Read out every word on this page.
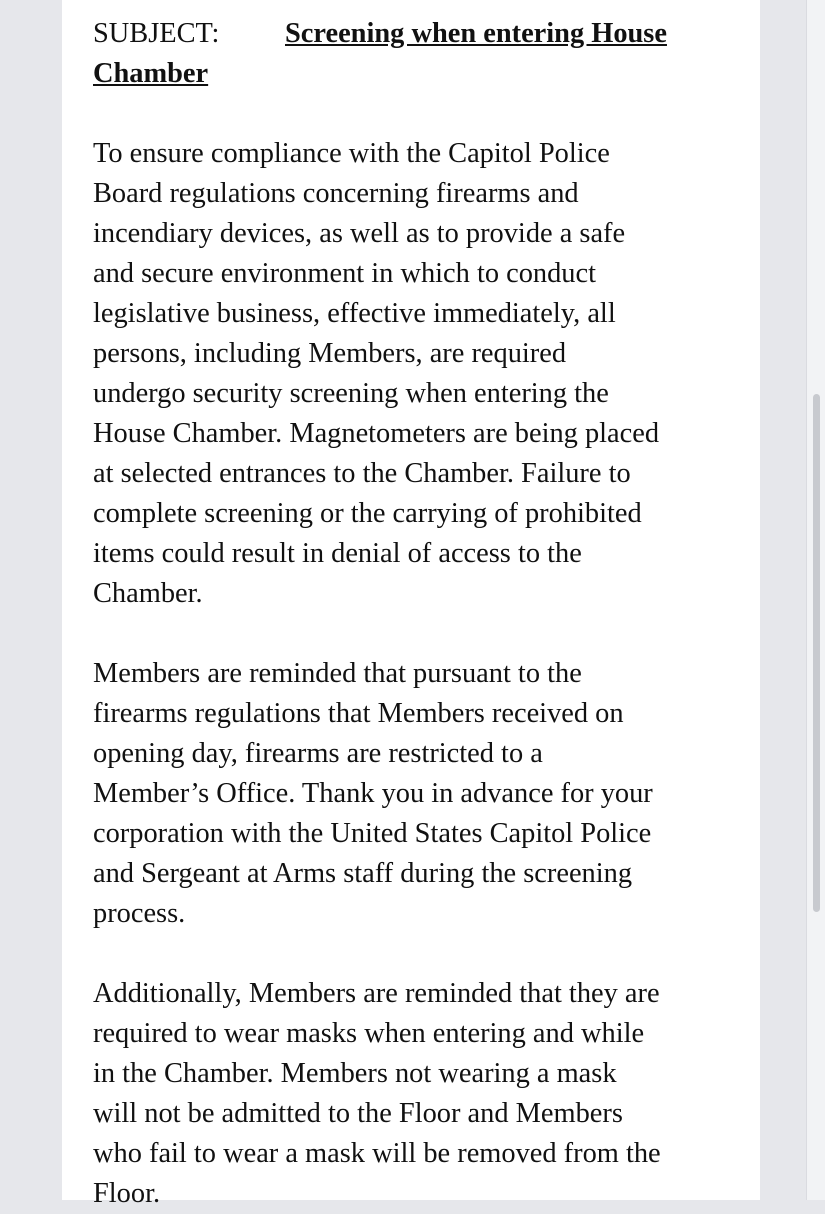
SUBJECT: Screening when entering House
Chamber

To ensure compliance with the Capitol Police
Board regulations concerning firearms and
incendiary devices, as well as to provide a safe
and secure environment in which to conduct
legislative business, effective immediately, all
persons, including Members, are required
undergo security screening when entering the
House Chamber. Magnetometers are being placed
at selected entrances to the Chamber. Failure to
complete screening or the carrying of prohibited
items could result in denial of access to the
Chamber.

Members are reminded that pursuant to the
firearms regulations that Members received on
opening day, firearms are restricted to a
Member’s Office. Thank you in advance for your
corporation with the United States Capitol Police
and Sergeant at Arms staff during the screening
process.

Additionally, Members are reminded that they are
required to wear masks when entering and while
in the Chamber. Members not wearing a mask
will not be admitted to the Floor and Members
who fail to wear a mask will be removed from the
Floor.
